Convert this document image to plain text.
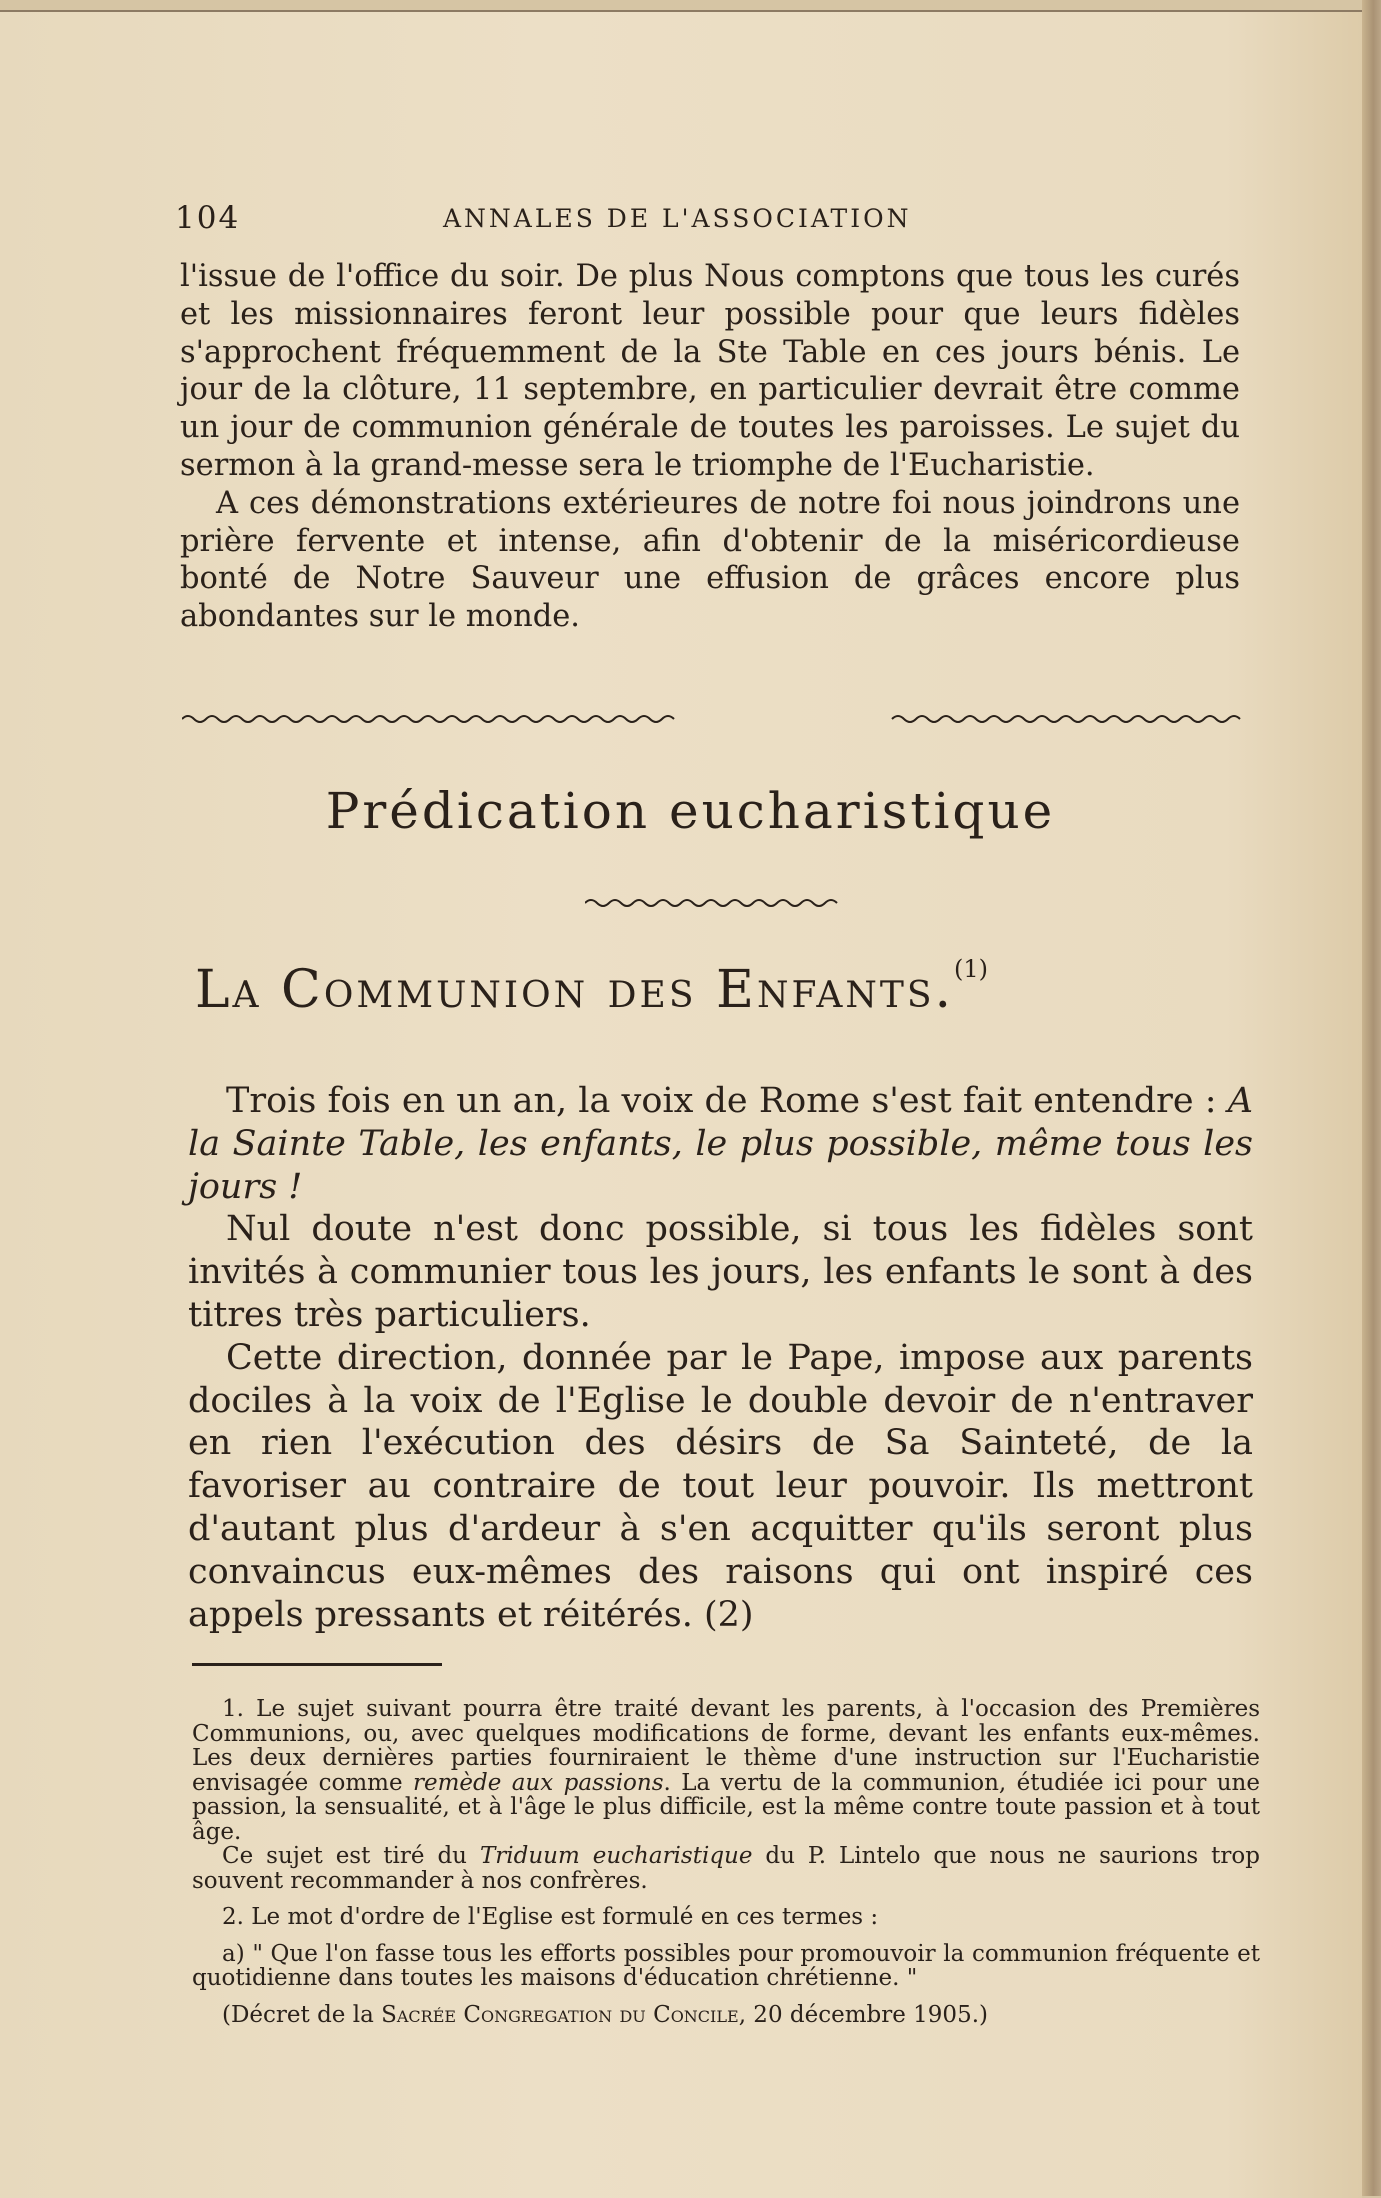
104	ANNALES DE L'ASSOCIATION

l'issue de l'office du soir. De plus Nous comptons que tous les curés et les missionnaires feront leur possible pour que leurs fidèles s'approchent fréquemment de la Ste Table en ces jours bénis. Le jour de la clôture, 11 septembre, en particulier devrait être comme un jour de communion générale de toutes les paroisses. Le sujet du sermon à la grand-messe sera le triomphe de l'Eucharistie.

A ces démonstrations extérieures de notre foi nous joindrons une prière fervente et intense, afin d'obtenir de la miséricordieuse bonté de Notre Sauveur une effusion de grâces encore plus abondantes sur le monde.

Prédication eucharistique
La Communion des Enfants.$^{(1)}$

Trois fois en un an, la voix de Rome s'est fait entendre : A la Sainte Table, les enfants, le plus possible, même tous les jours !

Nul doute n'est donc possible, si tous les fidèles sont invités à communier tous les jours, les enfants le sont à des titres très particuliers.

Cette direction, donnée par le Pape, impose aux parents dociles à la voix de l'Eglise le double devoir de n'entraver en rien l'exécution des désirs de Sa Sainteté, de la favoriser au contraire de tout leur pouvoir. Ils mettront d'autant plus d'ardeur à s'en acquitter qu'ils seront plus convaincus eux-mêmes des raisons qui ont inspiré ces appels pressants et réitérés. (2)

1. Le sujet suivant pourra être traité devant les parents, à l'occasion des Premières Communions, ou, avec quelques modifications de forme, devant les enfants eux-mêmes. Les deux dernières parties fourniraient le thème d'une instruction sur l'Eucharistie envisagée comme remède aux passions. La vertu de la communion, étudiée ici pour une passion, la sensualité, et à l'âge le plus difficile, est la même contre toute passion et à tout âge.

Ce sujet est tiré du Triduum eucharistique du P. Lintelo que nous ne saurions trop souvent recommander à nos confrères.

2. Le mot d'ordre de l'Eglise est formulé en ces termes :

a) " Que l'on fasse tous les efforts possibles pour promouvoir la communion fréquente et quotidienne dans toutes les maisons d'éducation chrétienne. "

(Décret de la Sacrée Congregation du Concile, 20 décembre 1905.)
